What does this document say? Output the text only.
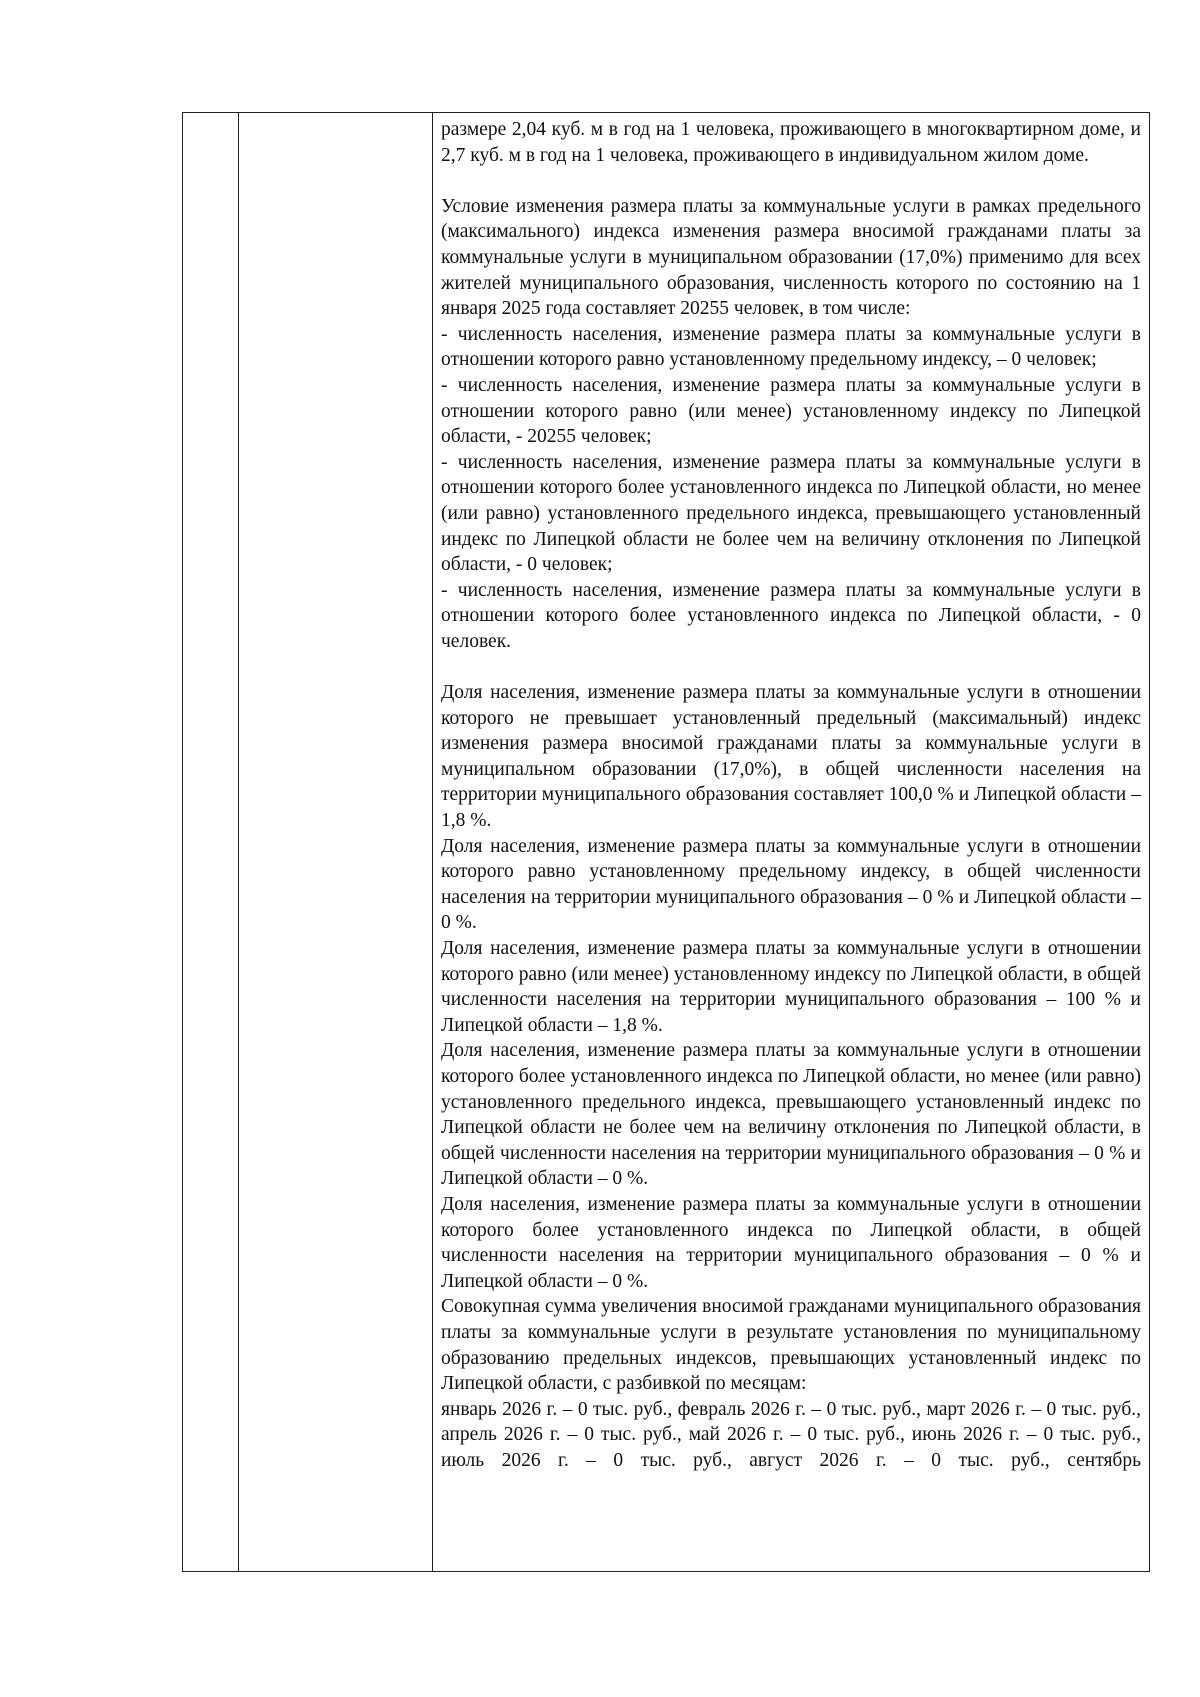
размере 2,04 куб. м в год на 1 человека, проживающего в многоквартирном доме, и 2,7 куб. м в год на 1 человека, проживающего в индивидуальном жилом доме.

Условие изменения размера платы за коммунальные услуги в рамках предельного (максимального) индекса изменения размера вносимой гражданами платы за коммунальные услуги в муниципальном образовании (17,0%) применимо для всех жителей муниципального образования, численность которого по состоянию на 1 января 2025 года составляет 20255 человек, в том числе:

- численность населения, изменение размера платы за коммунальные услуги в отношении которого равно установленному предельному индексу, – 0 человек;

- численность населения, изменение размера платы за коммунальные услуги в отношении которого равно (или менее) установленному индексу по Липецкой области, - 20255 человек;

- численность населения, изменение размера платы за коммунальные услуги в отношении которого более установленного индекса по Липецкой области, но менее (или равно) установленного предельного индекса, превышающего установленный индекс по Липецкой области не более чем на величину отклонения по Липецкой области, - 0 человек;

- численность населения, изменение размера платы за коммунальные услуги в отношении которого более установленного индекса по Липецкой области, - 0 человек.

Доля населения, изменение размера платы за коммунальные услуги в отношении которого не превышает установленный предельный (максимальный) индекс изменения размера вносимой гражданами платы за коммунальные услуги в муниципальном образовании (17,0%), в общей численности населения на территории муниципального образования составляет 100,0 % и Липецкой области – 1,8 %.

Доля населения, изменение размера платы за коммунальные услуги в отношении которого равно установленному предельному индексу, в общей численности населения на территории муниципального образования – 0 % и Липецкой области – 0 %.

Доля населения, изменение размера платы за коммунальные услуги в отношении которого равно (или менее) установленному индексу по Липецкой области, в общей численности населения на территории муниципального образования – 100 % и Липецкой области – 1,8 %.

Доля населения, изменение размера платы за коммунальные услуги в отношении которого более установленного индекса по Липецкой области, но менее (или равно) установленного предельного индекса, превышающего установленный индекс по Липецкой области не более чем на величину отклонения по Липецкой области, в общей численности населения на территории муниципального образования – 0 % и Липецкой области – 0 %.

Доля населения, изменение размера платы за коммунальные услуги в отношении которого более установленного индекса по Липецкой области, в общей численности населения на территории муниципального образования – 0 % и Липецкой области – 0 %.

Совокупная сумма увеличения вносимой гражданами муниципального образования платы за коммунальные услуги в результате установления по муниципальному образованию предельных индексов, превышающих установленный индекс по Липецкой области, с разбивкой по месяцам:

январь 2026 г. – 0 тыс. руб., февраль 2026 г. – 0 тыс. руб., март 2026 г. – 0 тыс. руб., апрель 2026 г. – 0 тыс. руб., май 2026 г. – 0 тыс. руб., июнь 2026 г. – 0 тыс. руб., июль 2026 г. – 0 тыс. руб., август 2026 г. – 0 тыс. руб., сентябрь
